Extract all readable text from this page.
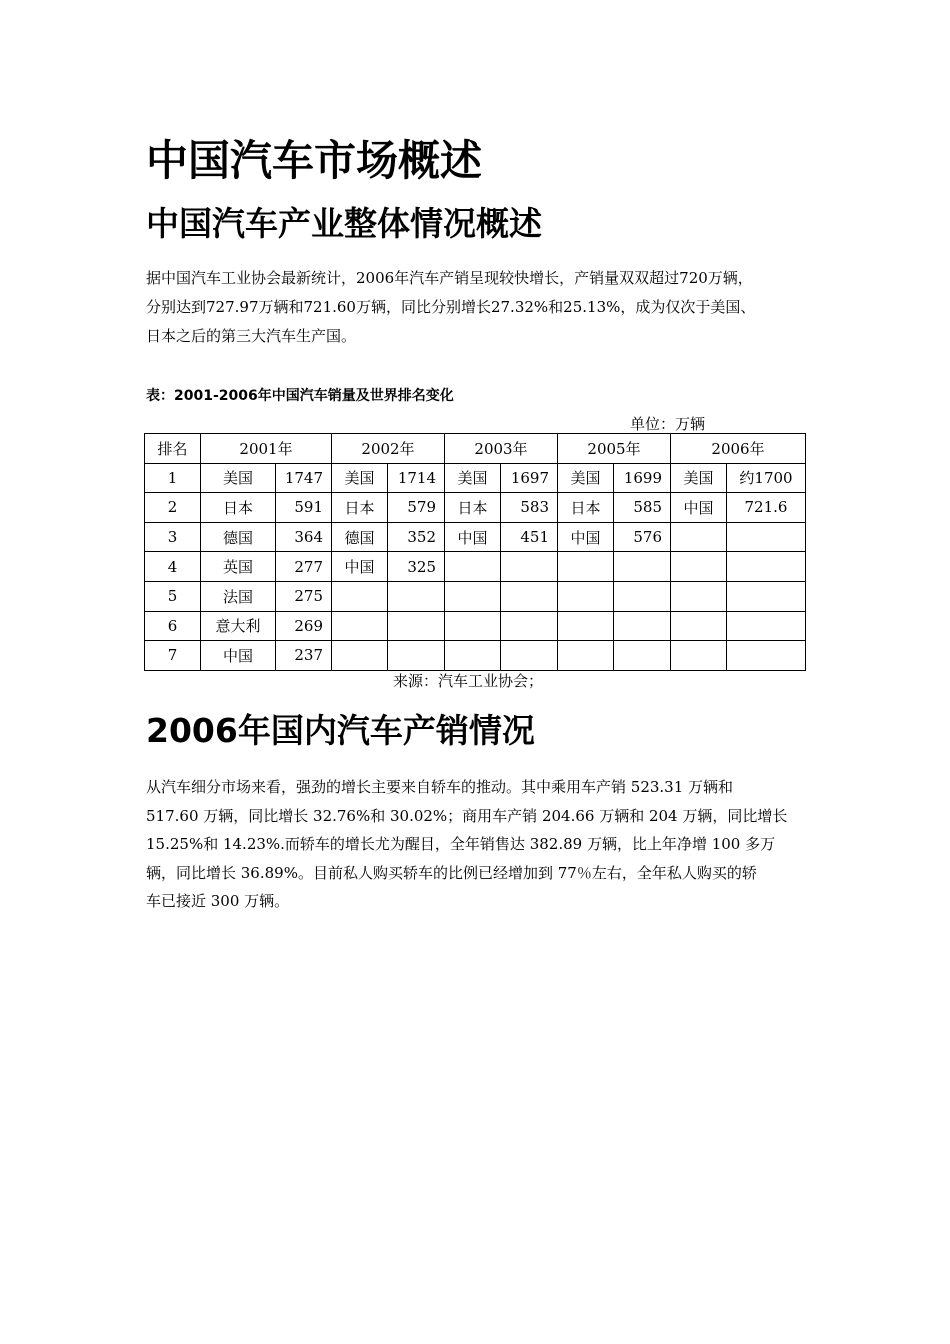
中国汽车市场概述
中国汽车产业整体情况概述

据中国汽车工业协会最新统计，2006年汽车产销呈现较快增长，产销量双双超过720万辆，
分别达到727.97万辆和721.60万辆，同比分别增长27.32%和25.13%，成为仅次于美国、
日本之后的第三大汽车生产国。

表：2001-2006年中国汽车销量及世界排名变化
单位：万辆
排名	2001年		2002年		2003年		2005年		2006年	
1	美国	1747	美国	1714	美国	1697	美国	1699	美国	约1700
2	日本	591	日本	579	日本	583	日本	585	中国	721.6
3	德国	364	德国	352	中国	451	中国	576		
4	英国	277	中国	325						
5	法国	275								
6	意大利	269								
7	中国	237								
来源：汽车工业协会；
2006年国内汽车产销情况

从汽车细分市场来看，强劲的增长主要来自轿车的推动。其中乘用车产销 523.31 万辆和
517.60 万辆，同比增长 32.76%和 30.02%；商用车产销 204.66 万辆和 204 万辆，同比增长
15.25%和 14.23%.而轿车的增长尤为醒目，全年销售达 382.89 万辆，比上年净增 100 多万
辆，同比增长 36.89%。目前私人购买轿车的比例已经增加到 77％左右，全年私人购买的轿
车已接近 300 万辆。
